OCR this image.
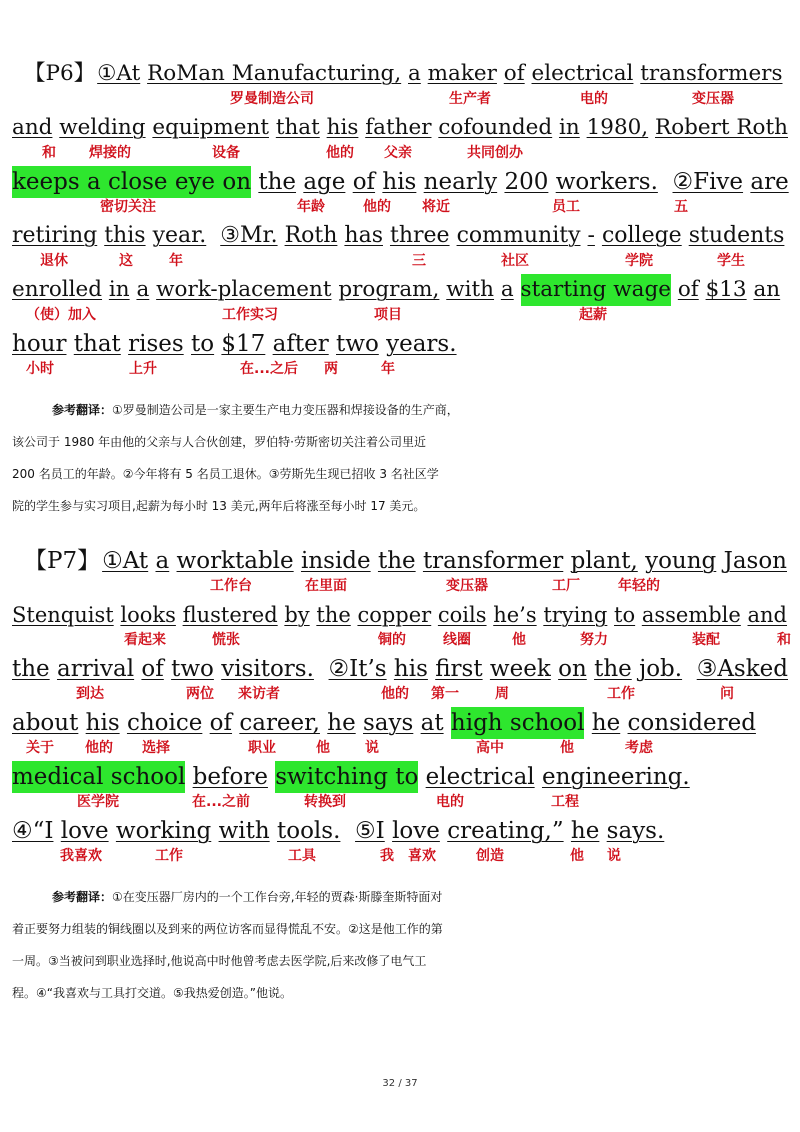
【P6】 ①At
RoMan Manufacturing,
a
maker
of
electrical
transformers
罗曼制造公司	生产者	电的	变压器
and
welding
equipment
that
his
father
cofounded
in
1980,
Robert Roth
和 焊接的	设备	他的 父亲	共同创办
keeps a close eye on
the
age
of
his
nearly
200
workers.
②Five
are
密切关注	年龄	他的 将近	员工	五
retiring
this
year.
③Mr.
Roth
has
three
community
-
college
students
退休	这	年	三	社区	学院	学生
enrolled
in
a
work-placement
program,
with
a
starting wage
of
$13
an
（使）加入	工作实习	项目	起薪
hour
that
rises
to
$17
after
two
years.
小时	上升	在...之后 两	年
参考翻译：①罗曼制造公司是一家主要生产电力变压器和焊接设备的生产商，
该公司于 1980 年由他的父亲与人合伙创建，罗伯特·劳斯密切关注着公司里近
200 名员工的年龄。②今年将有 5 名员工退休。③劳斯先生现已招收 3 名社区学
院的学生参与实习项目,起薪为每小时 13 美元,两年后将涨至每小时 17 美元。
【P7】 ①At
a
worktable
inside
the
transformer
plant,
young
Jason
工作台	在里面	变压器	工厂	年轻的
Stenquist
looks
flustered
by
the
copper
coils
he’s
trying
to
assemble
and
看起来	慌张	铜的	线圈	他	努力	装配	和
the
arrival
of
two
visitors.
②It’s
his
first
week
on
the
job.
③Asked
到达	两位 来访者	他的 第一	周	工作	问
about
his
choice
of
career,
he
says
at
high school
he
considered
关于 他的 选择	职业	他	说	高中	他	考虑
medical school
before
switching to
electrical
engineering.
医学院	在...之前	转换到	电的	工程
④“I
love
working
with
tools.
⑤I
love
creating,”
he
says.
我喜欢	工作	工具	我 喜欢	创造	他 说
参考翻译：①在变压器厂房内的一个工作台旁,年轻的贾森·斯滕奎斯特面对
着正要努力组装的铜线圈以及到来的两位访客而显得慌乱不安。②这是他工作的第
一周。③当被问到职业选择时,他说高中时他曾考虑去医学院,后来改修了电气工
程。④“我喜欢与工具打交道。⑤我热爱创造。”他说。
32 / 37
